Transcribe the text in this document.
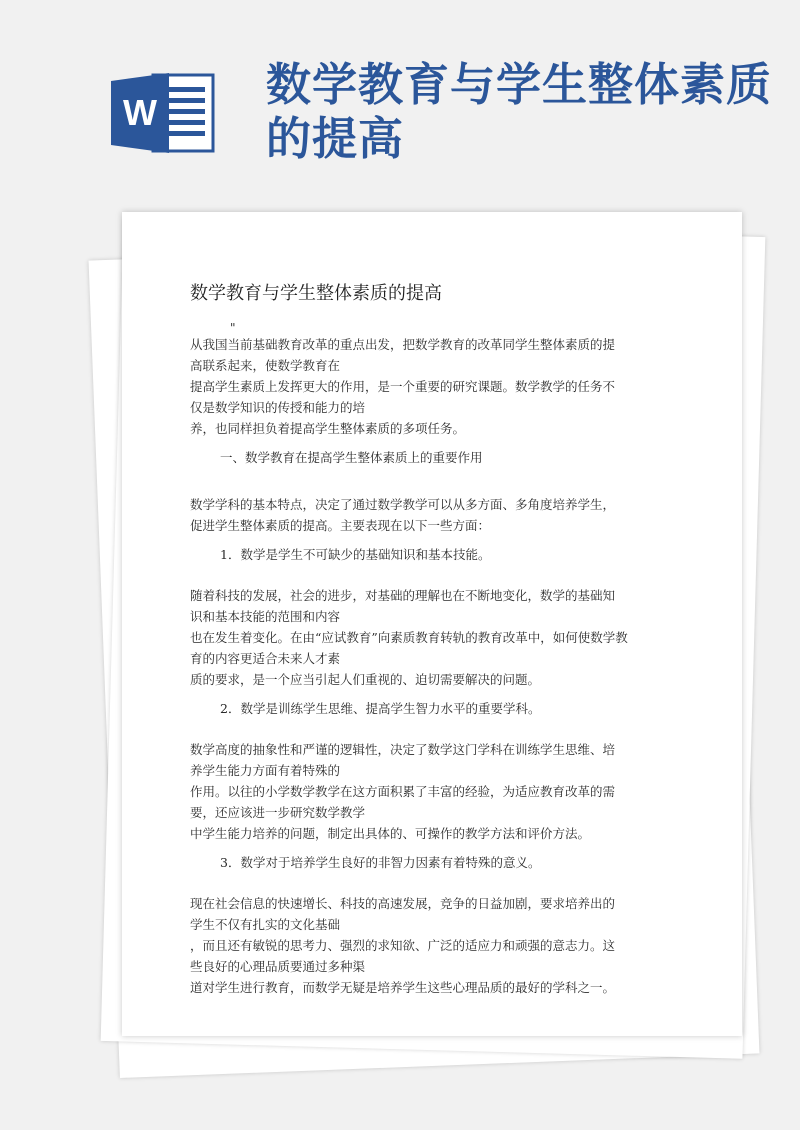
W
数学教育与学生整体素质的提高
数学教育与学生整体素质的提高
"

从我国当前基础教育改革的重点出发，把数学教育的改革同学生整体素质的提
高联系起来，使数学教育在
提高学生素质上发挥更大的作用，是一个重要的研究课题。数学教学的任务不
仅是数学知识的传授和能力的培
养，也同样担负着提高学生整体素质的多项任务。

一、数学教育在提高学生整体素质上的重要作用

数学学科的基本特点，决定了通过数学教学可以从多方面、多角度培养学生，
促进学生整体素质的提高。主要表现在以下一些方面：

1．数学是学生不可缺少的基础知识和基本技能。

随着科技的发展，社会的进步，对基础的理解也在不断地变化，数学的基础知
识和基本技能的范围和内容
也在发生着变化。在由“应试教育”向素质教育转轨的教育改革中，如何使数学教
育的内容更适合未来人才素
质的要求，是一个应当引起人们重视的、迫切需要解决的问题。

2．数学是训练学生思维、提高学生智力水平的重要学科。

数学高度的抽象性和严谨的逻辑性，决定了数学这门学科在训练学生思维、培
养学生能力方面有着特殊的
作用。以往的小学数学教学在这方面积累了丰富的经验，为适应教育改革的需
要，还应该进一步研究数学教学
中学生能力培养的问题，制定出具体的、可操作的教学方法和评价方法。

3．数学对于培养学生良好的非智力因素有着特殊的意义。

现在社会信息的快速增长、科技的高速发展，竞争的日益加剧，要求培养出的
学生不仅有扎实的文化基础
，而且还有敏锐的思考力、强烈的求知欲、广泛的适应力和顽强的意志力。这
些良好的心理品质要通过多种渠
道对学生进行教育，而数学无疑是培养学生这些心理品质的最好的学科之一。
